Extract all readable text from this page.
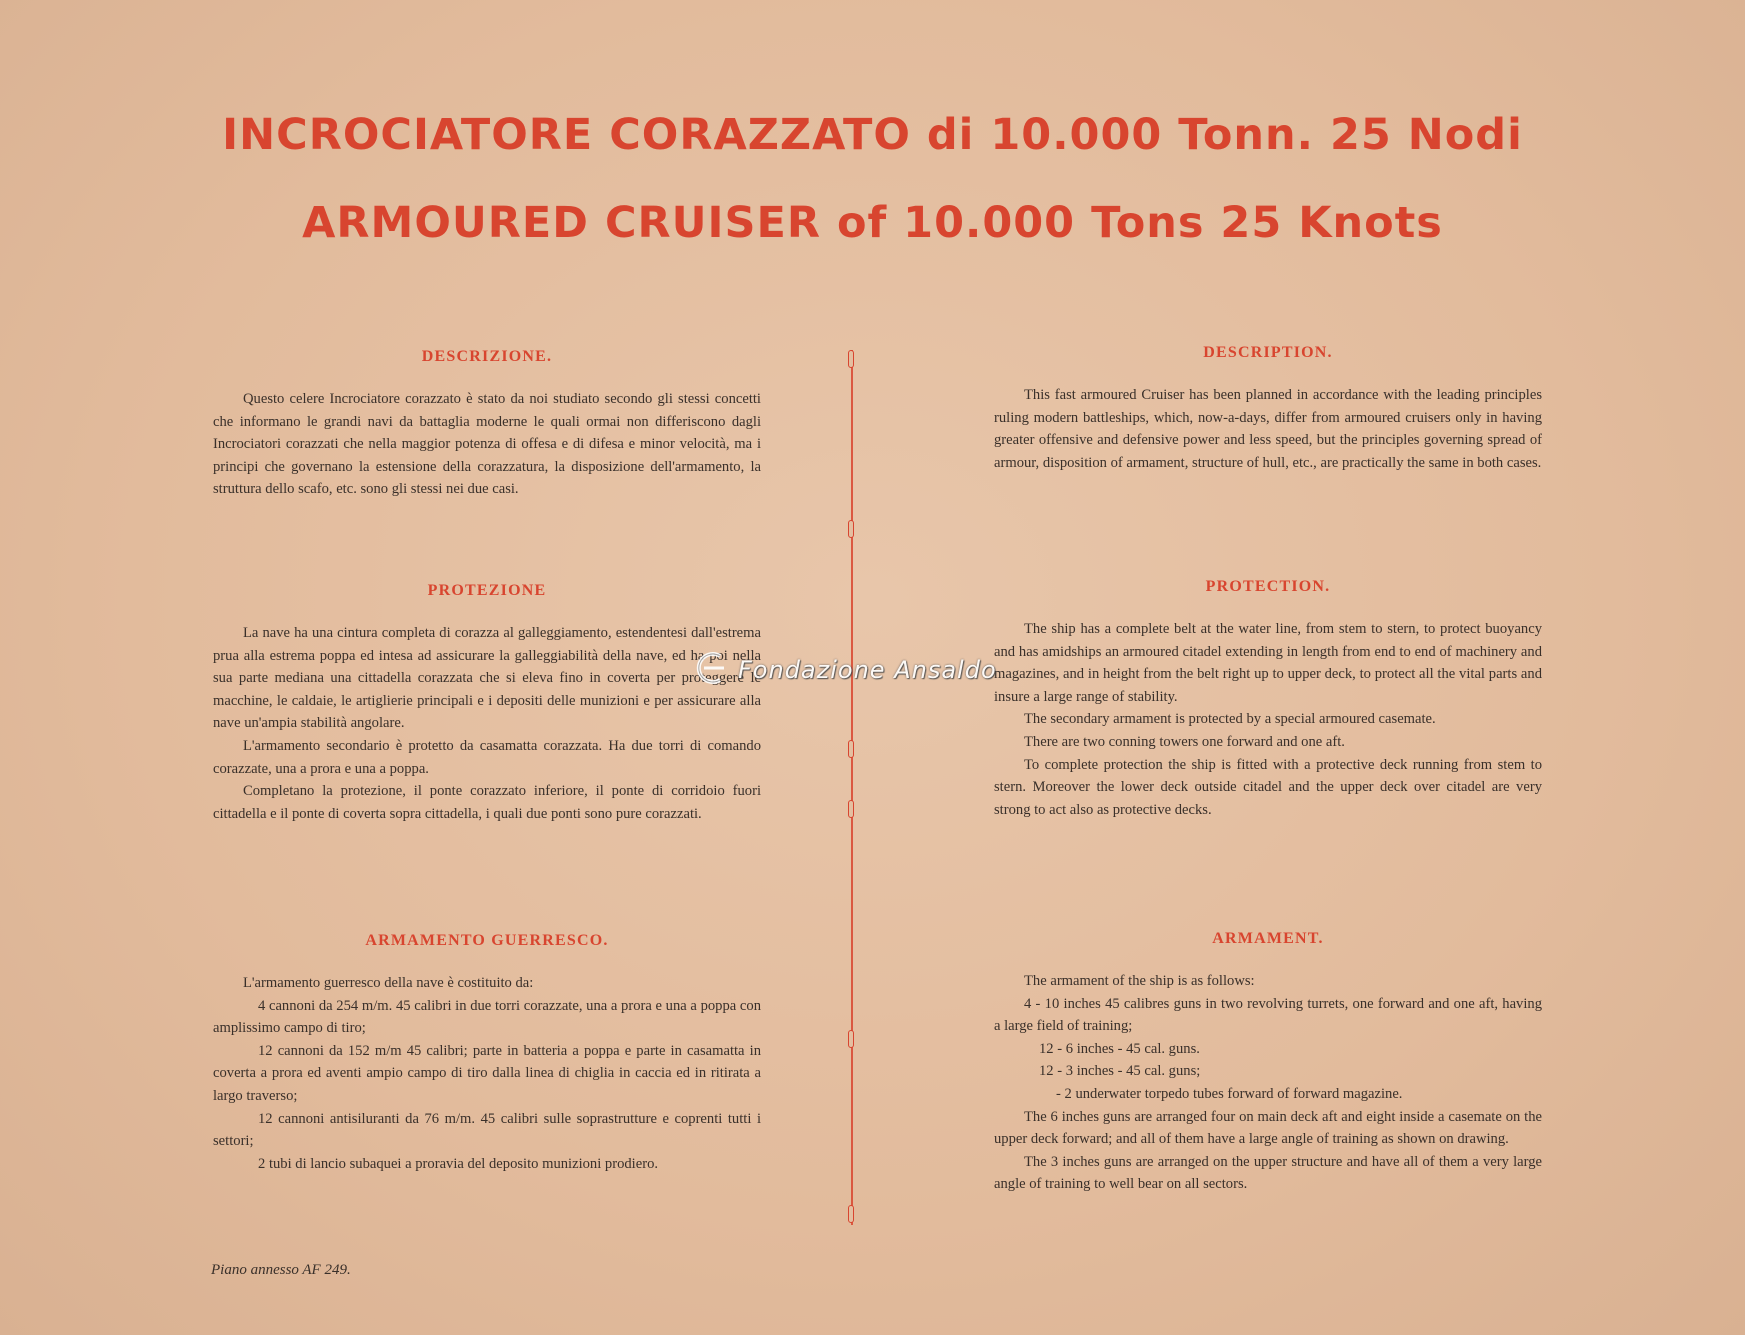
INCROCIATORE CORAZZATO di 10.000 Tonn. 25 Nodi
ARMOURED CRUISER of 10.000 Tons 25 Knots
DESCRIZIONE.

Questo celere Incrociatore corazzato è stato da noi studiato secondo gli stessi concetti che informano le grandi navi da battaglia moderne le quali ormai non differiscono dagli Incrociatori corazzati che nella maggior potenza di offesa e di difesa e minor velocità, ma i principi che governano la estensione della corazzatura, la disposizione dell'armamento, la struttura dello scafo, etc. sono gli stessi nei due casi.

PROTEZIONE

La nave ha una cintura completa di corazza al galleggiamento, estendentesi dall'estrema prua alla estrema poppa ed intesa ad assicurare la galleggiabilità della nave, ed ha poi nella sua parte mediana una cittadella corazzata che si eleva fino in coverta per proteggere le macchine, le caldaie, le artiglierie principali e i depositi delle munizioni e per assicurare alla nave un'ampia stabilità angolare.

L'armamento secondario è protetto da casamatta corazzata. Ha due torri di comando corazzate, una a prora e una a poppa.

Completano la protezione, il ponte corazzato inferiore, il ponte di corridoio fuori cittadella e il ponte di coverta sopra cittadella, i quali due ponti sono pure corazzati.

ARMAMENTO GUERRESCO.

L'armamento guerresco della nave è costituito da:

4 cannoni da 254 m/m. 45 calibri in due torri corazzate, una a prora e una a poppa con amplissimo campo di tiro;

12 cannoni da 152 m/m 45 calibri; parte in batteria a poppa e parte in casamatta in coverta a prora ed aventi ampio campo di tiro dalla linea di chiglia in caccia ed in ritirata a largo traverso;

12 cannoni antisiluranti da 76 m/m. 45 calibri sulle soprastrutture e coprenti tutti i settori;

2 tubi di lancio subaquei a proravia del deposito munizioni prodiero.

DESCRIPTION.

This fast armoured Cruiser has been planned in accordance with the leading principles ruling modern battleships, which, now-a-days, differ from armoured cruisers only in having greater offensive and defensive power and less speed, but the principles governing spread of armour, disposition of armament, structure of hull, etc., are practically the same in both cases.

PROTECTION.

The ship has a complete belt at the water line, from stem to stern, to protect buoyancy and has amidships an armoured citadel extending in length from end to end of machinery and magazines, and in height from the belt right up to upper deck, to protect all the vital parts and insure a large range of stability.

The secondary armament is protected by a special armoured casemate.

There are two conning towers one forward and one aft.

To complete protection the ship is fitted with a protective deck running from stem to stern. Moreover the lower deck outside citadel and the upper deck over citadel are very strong to act also as protective decks.

ARMAMENT.

The armament of the ship is as follows:

4 - 10 inches 45 calibres guns in two revolving turrets, one forward and one aft, having a large field of training;

12 - 6 inches - 45 cal. guns.

12 - 3 inches - 45 cal. guns;

- 2 underwater torpedo tubes forward of forward magazine.

The 6 inches guns are arranged four on main deck aft and eight inside a casemate on the upper deck forward; and all of them have a large angle of training as shown on drawing.

The 3 inches guns are arranged on the upper structure and have all of them a very large angle of training to well bear on all sectors.

Piano annesso AF 249.
Fondazione Ansaldo
